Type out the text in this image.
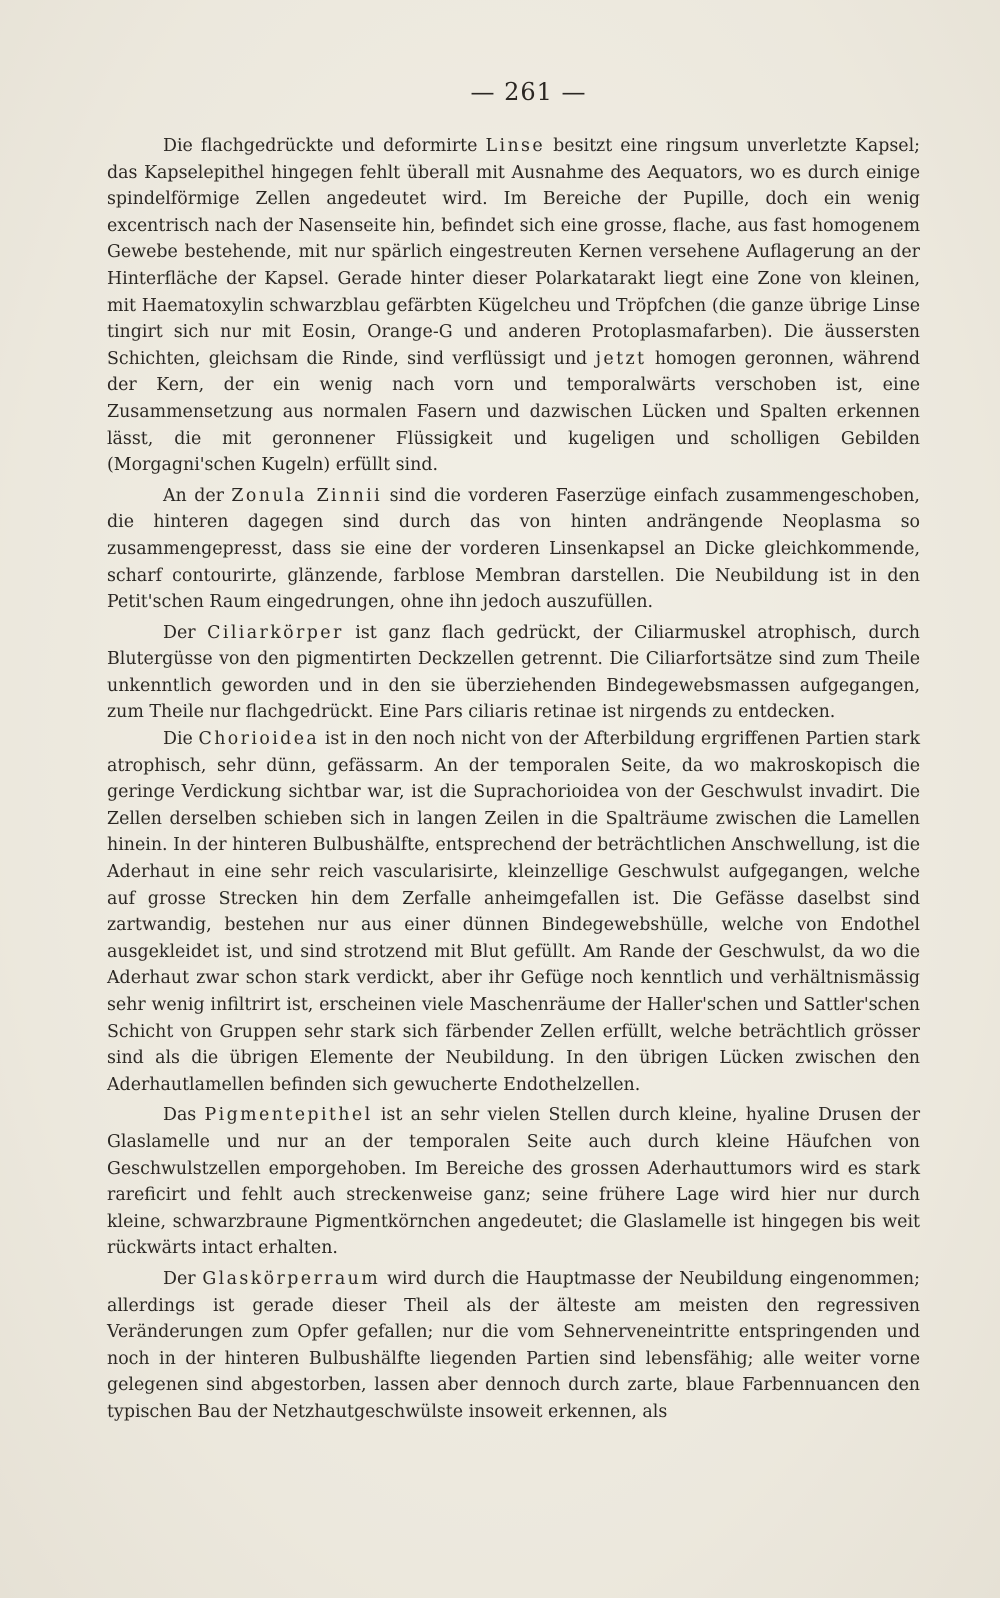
— 261 —

Die flachgedrückte und deformirte Linse besitzt eine ringsum unverletzte Kapsel; das Kapselepithel hingegen fehlt überall mit Ausnahme des Aequators, wo es durch einige spindelförmige Zellen angedeutet wird. Im Bereiche der Pupille, doch ein wenig excentrisch nach der Nasenseite hin, befindet sich eine grosse, flache, aus fast homogenem Gewebe bestehende, mit nur spärlich eingestreuten Kernen versehene Auflagerung an der Hinterfläche der Kapsel. Gerade hinter dieser Polarkatarakt liegt eine Zone von kleinen, mit Haematoxylin schwarzblau gefärbten Kügelcheu und Tröpfchen (die ganze übrige Linse tingirt sich nur mit Eosin, Orange-G und anderen Protoplasmafarben). Die äussersten Schichten, gleichsam die Rinde, sind verflüssigt und jetzt homogen geronnen, während der Kern, der ein wenig nach vorn und temporalwärts verschoben ist, eine Zusammensetzung aus normalen Fasern und dazwischen Lücken und Spalten erkennen lässt, die mit geronnener Flüssigkeit und kugeligen und scholligen Gebilden (Morgagni'schen Kugeln) erfüllt sind.

An der Zonula Zinnii sind die vorderen Faserzüge einfach zusammengeschoben, die hinteren dagegen sind durch das von hinten andrängende Neoplasma so zusammengepresst, dass sie eine der vorderen Linsenkapsel an Dicke gleichkommende, scharf contourirte, glänzende, farblose Membran darstellen. Die Neubildung ist in den Petit'schen Raum eingedrungen, ohne ihn jedoch auszufüllen.

Der Ciliarkörper ist ganz flach gedrückt, der Ciliarmuskel atrophisch, durch Blutergüsse von den pigmentirten Deckzellen getrennt. Die Ciliarfortsätze sind zum Theile unkenntlich geworden und in den sie überziehenden Bindegewebsmassen aufgegangen, zum Theile nur flachgedrückt. Eine Pars ciliaris retinae ist nirgends zu entdecken.

Die Chorioidea ist in den noch nicht von der Afterbildung ergriffenen Partien stark atrophisch, sehr dünn, gefässarm. An der temporalen Seite, da wo makroskopisch die geringe Verdickung sichtbar war, ist die Suprachorioidea von der Geschwulst invadirt. Die Zellen derselben schieben sich in langen Zeilen in die Spalträume zwischen die Lamellen hinein. In der hinteren Bulbushälfte, entsprechend der beträchtlichen Anschwellung, ist die Aderhaut in eine sehr reich vascularisirte, kleinzellige Geschwulst aufgegangen, welche auf grosse Strecken hin dem Zerfalle anheimgefallen ist. Die Gefässe daselbst sind zartwandig, bestehen nur aus einer dünnen Bindegewebshülle, welche von Endothel ausgekleidet ist, und sind strotzend mit Blut gefüllt. Am Rande der Geschwulst, da wo die Aderhaut zwar schon stark verdickt, aber ihr Gefüge noch kenntlich und verhältnismässig sehr wenig infiltrirt ist, erscheinen viele Maschenräume der Haller'schen und Sattler'schen Schicht von Gruppen sehr stark sich färbender Zellen erfüllt, welche beträchtlich grösser sind als die übrigen Elemente der Neubildung. In den übrigen Lücken zwischen den Aderhautlamellen befinden sich gewucherte Endothelzellen.

Das Pigmentepithel ist an sehr vielen Stellen durch kleine, hyaline Drusen der Glaslamelle und nur an der temporalen Seite auch durch kleine Häufchen von Geschwulstzellen emporgehoben. Im Bereiche des grossen Aderhauttumors wird es stark rareficirt und fehlt auch streckenweise ganz; seine frühere Lage wird hier nur durch kleine, schwarzbraune Pigmentkörnchen angedeutet; die Glaslamelle ist hingegen bis weit rückwärts intact erhalten.

Der Glaskörperraum wird durch die Hauptmasse der Neubildung eingenommen; allerdings ist gerade dieser Theil als der älteste am meisten den regressiven Veränderungen zum Opfer gefallen; nur die vom Sehnerveneintritte entspringenden und noch in der hinteren Bulbushälfte liegenden Partien sind lebensfähig; alle weiter vorne gelegenen sind abgestorben, lassen aber dennoch durch zarte, blaue Farbennuancen den typischen Bau der Netzhautgeschwülste insoweit erkennen, als
